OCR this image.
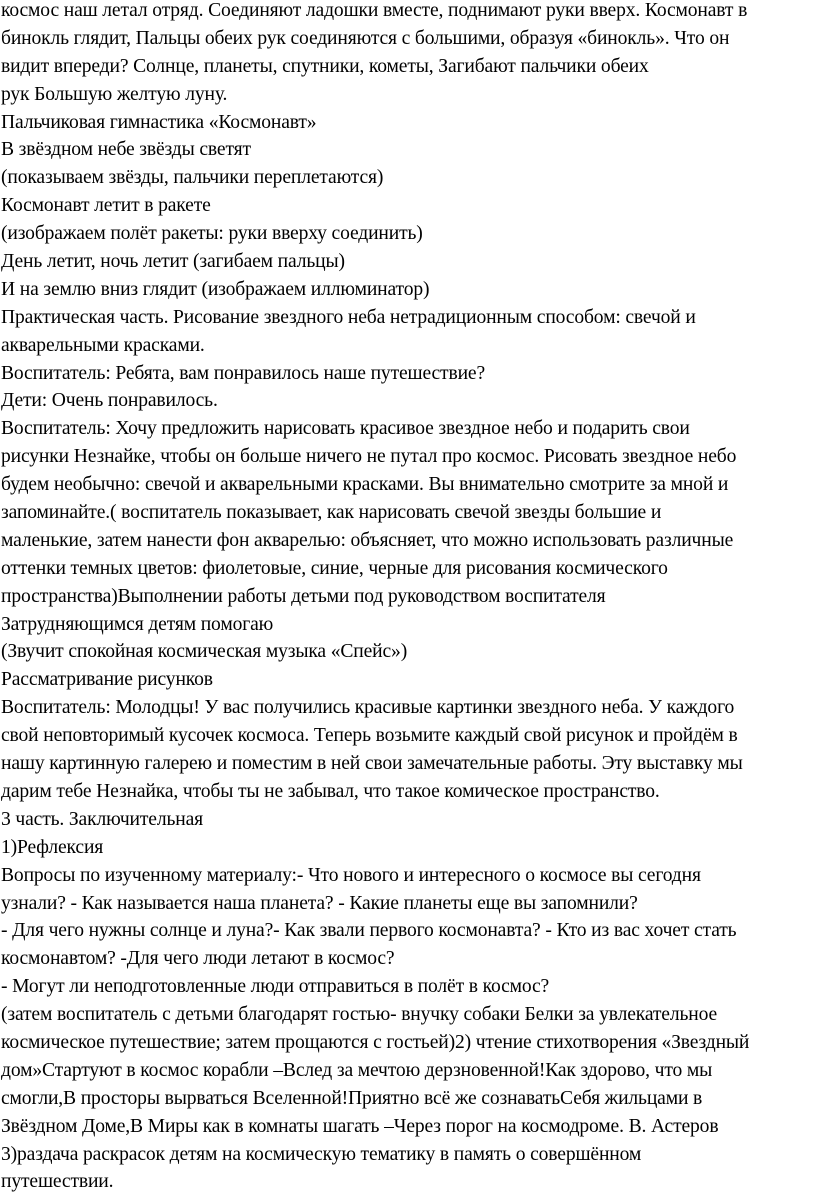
космос наш летал отряд. Соединяют ладошки вместе, поднимают руки вверх. Космонавт в

бинокль глядит, Пальцы обеих рук соединяются с большими, образуя «бинокль». Что он

видит впереди? Солнце, планеты, спутники, кометы, Загибают пальчики обеих

рук Большую желтую луну.

Пальчиковая гимнастика «Космонавт»

В звёздном небе звёзды светят

(показываем звёзды, пальчики переплетаются)

Космонавт летит в ракете

(изображаем полёт ракеты: руки вверху соединить)

День летит, ночь летит (загибаем пальцы)

И на землю вниз глядит (изображаем иллюминатор)

Практическая часть. Рисование звездного неба нетрадиционным способом: свечой и

акварельными красками.

Воспитатель: Ребята, вам понравилось наше путешествие?

Дети: Очень понравилось.

Воспитатель: Хочу предложить нарисовать красивое звездное небо и подарить свои

рисунки Незнайке, чтобы он больше ничего не путал про космос. Рисовать звездное небо

будем необычно: свечой и акварельными красками. Вы внимательно смотрите за мной и

запоминайте.( воспитатель показывает, как нарисовать свечой звезды большие и

маленькие, затем нанести фон акварелью: объясняет, что можно использовать различные

оттенки темных цветов: фиолетовые, синие, черные для рисования космического

пространства)Выполнении работы детьми под руководством воспитателя

Затрудняющимся детям помогаю

(Звучит спокойная космическая музыка «Спейс»)

Рассматривание рисунков

Воспитатель: Молодцы! У вас получились красивые картинки звездного неба. У каждого

свой неповторимый кусочек космоса. Теперь возьмите каждый свой рисунок и пройдём в

нашу картинную галерею и поместим в ней свои замечательные работы. Эту выставку мы

дарим тебе Незнайка, чтобы ты не забывал, что такое комическое пространство.

3 часть. Заключительная

1)Рефлексия

Вопросы по изученному материалу:- Что нового и интересного о космосе вы сегодня

узнали? - Как называется наша планета? - Какие планеты еще вы запомнили?

- Для чего нужны солнце и луна?- Как звали первого космонавта? - Кто из вас хочет стать

космонавтом? -Для чего люди летают в космос?

- Могут ли неподготовленные люди отправиться в полёт в космос?

(затем воспитатель с детьми благодарят гостью- внучку собаки Белки за увлекательное

космическое путешествие; затем прощаются с гостьей)2) чтение стихотворения «Звездный

дом»Стартуют в космос корабли –Вслед за мечтою дерзновенной!Как здорово, что мы

смогли,В просторы вырваться Вселенной!Приятно всё же сознаватьСебя жильцами в

Звёздном Доме,В Миры как в комнаты шагать –Через порог на космодроме. В. Астеров

3)раздача раскрасок детям на космическую тематику в память о совершённом

путешествии.
